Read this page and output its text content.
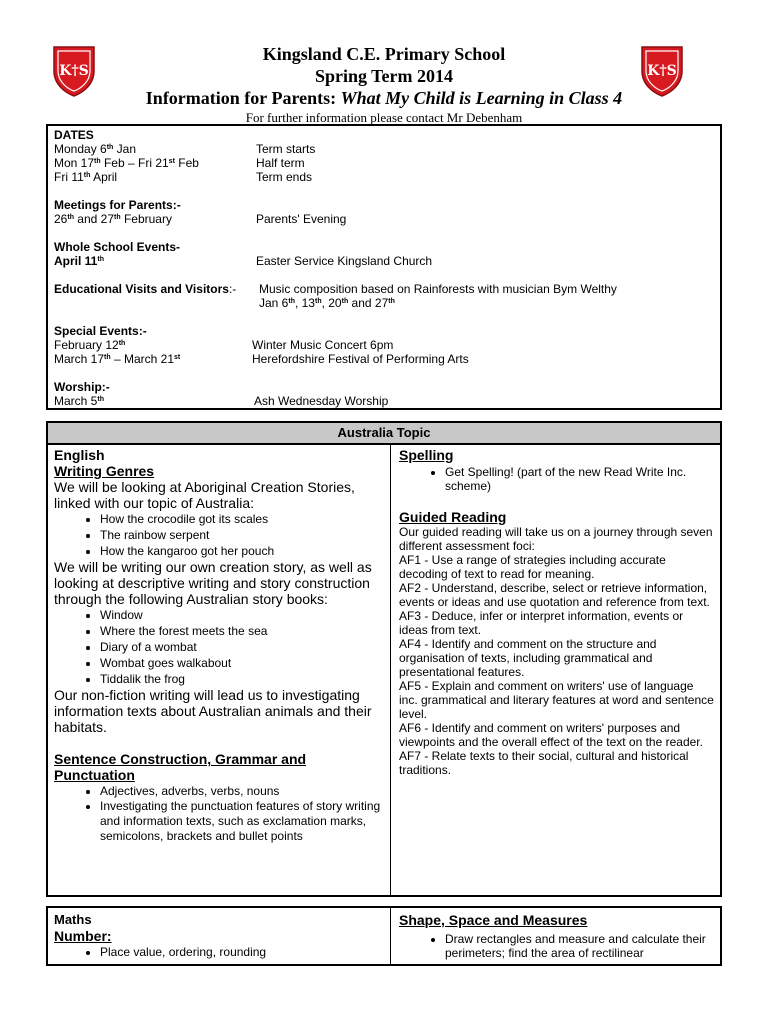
K†S	K†S
Kingsland C.E. Primary School
Spring Term 2014
Information for Parents: What My Child is Learning in Class 4
For further information please contact Mr Debenham
DATES
Monday 6th Jan	Term starts
Mon 17th Feb – Fri 21st Feb	Half term
Fri 11th April	Term ends
Meetings for Parents:-
26th and 27th February	Parents' Evening
Whole School Events-
April 11th	Easter Service Kingsland Church
Educational Visits and Visitors:- Music composition based on Rainforests with musician Bym Welthy
Jan 6th, 13th, 20th and 27th
Special Events:-
February 12th	Winter Music Concert 6pm
March 17th – March 21st	Herefordshire Festival of Performing Arts
Worship:-
March 5th	Ash Wednesday Worship
Australia Topic
English
Writing Genres

We will be looking at Aboriginal Creation Stories, linked with our topic of Australia:

• How the crocodile got its scales
• The rainbow serpent
• How the kangaroo got her pouch

We will be writing our own creation story, as well as looking at descriptive writing and story construction through the following Australian story books:

• Window
• Where the forest meets the sea
• Diary of a wombat
• Wombat goes walkabout
• Tiddalik the frog

Our non-fiction writing will lead us to investigating information texts about Australian animals and their habitats.

Sentence Construction, Grammar and Punctuation
• Adjectives, adverbs, verbs, nouns
• Investigating the punctuation features of story writing and information texts, such as exclamation marks, semicolons, brackets and bullet points
Spelling
• Get Spelling! (part of the new Read Write Inc. scheme)
Guided Reading

Our guided reading will take us on a journey through seven different assessment foci:

AF1 - Use a range of strategies including accurate decoding of text to read for meaning.

AF2 - Understand, describe, select or retrieve information, events or ideas and use quotation and reference from text.

AF3 - Deduce, infer or interpret information, events or ideas from text.

AF4 - Identify and comment on the structure and organisation of texts, including grammatical and presentational features.

AF5 - Explain and comment on writers' use of language inc. grammatical and literary features at word and sentence level.

AF6 - Identify and comment on writers' purposes and viewpoints and the overall effect of the text on the reader.

AF7 - Relate texts to their social, cultural and historical traditions.

Maths
Number:
• Place value, ordering, rounding
Shape, Space and Measures
• Draw rectangles and measure and calculate their perimeters; find the area of rectilinear
